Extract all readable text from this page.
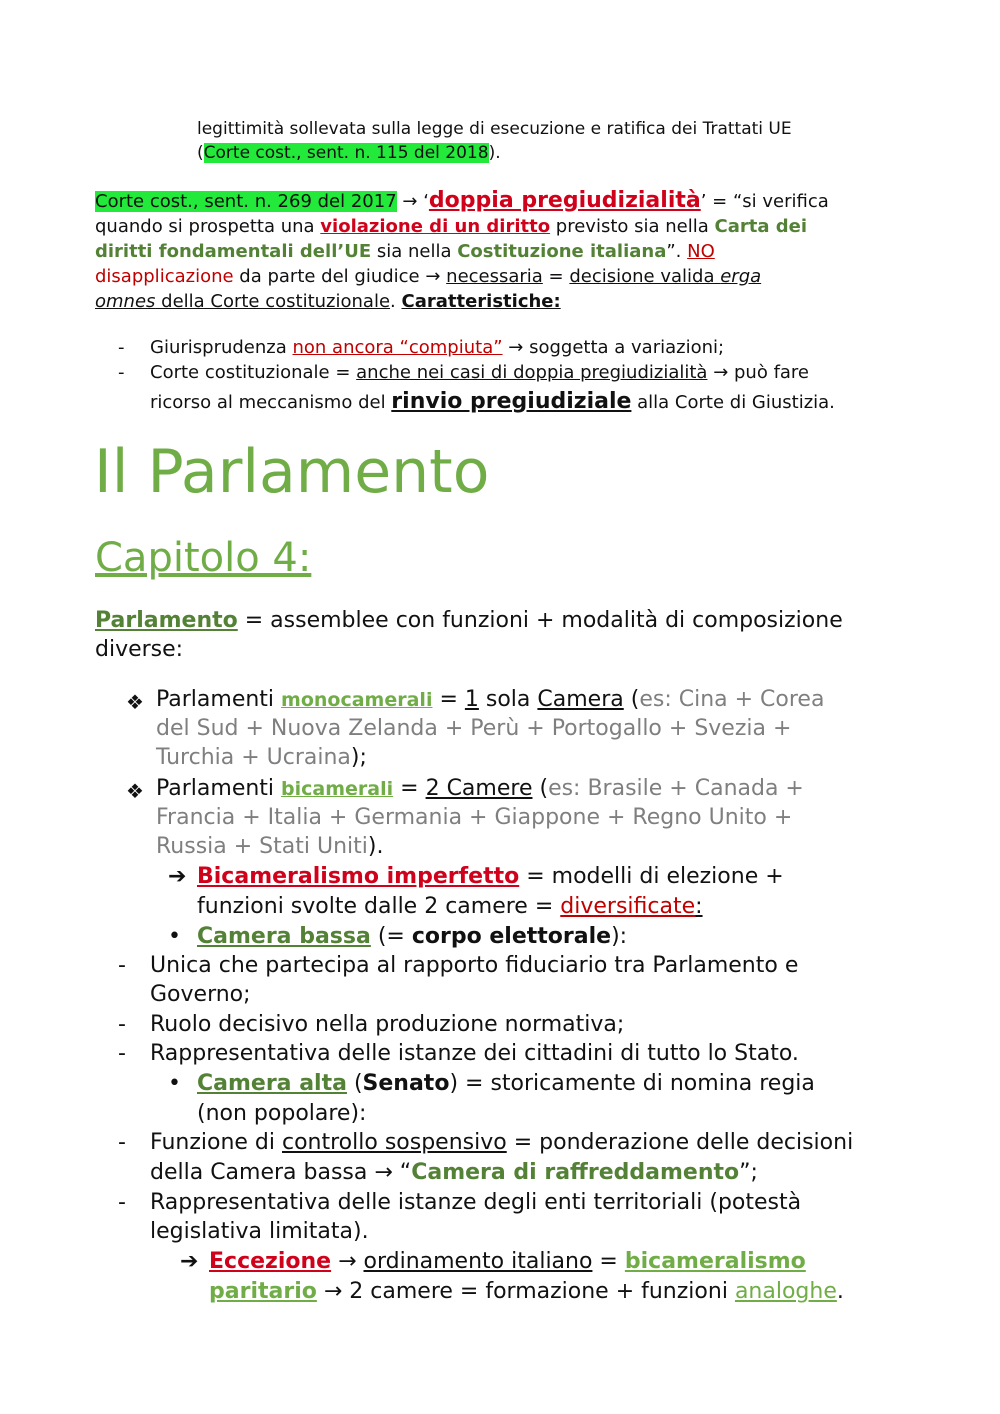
legittimità sollevata sulla legge di esecuzione e ratifica dei Trattati UE
(Corte cost., sent. n. 115 del 2018).
Corte cost., sent. n. 269 del 2017 → ‘doppia pregiudizialità’ = “si verifica
quando si prospetta una violazione di un diritto previsto sia nella Carta dei
diritti fondamentali dell’UE sia nella Costituzione italiana”. NO
disapplicazione da parte del giudice → necessaria = decisione valida erga
omnes della Corte costituzionale. Caratteristiche:
- Giurisprudenza non ancora “compiuta” → soggetta a variazioni;
- Corte costituzionale = anche nei casi di doppia pregiudizialità → può fare
ricorso al meccanismo del rinvio pregiudiziale alla Corte di Giustizia.
Il Parlamento
Capitolo 4:
Parlamento = assemblee con funzioni + modalità di composizione
diverse:
❖ Parlamenti monocamerali = 1 sola Camera (es: Cina + Corea
del Sud + Nuova Zelanda + Perù + Portogallo + Svezia +
Turchia + Ucraina);
❖ Parlamenti bicamerali = 2 Camere (es: Brasile + Canada +
Francia + Italia + Germania + Giappone + Regno Unito +
Russia + Stati Uniti).
➔ Bicameralismo imperfetto = modelli di elezione +
funzioni svolte dalle 2 camere = diversificate:
• Camera bassa (= corpo elettorale):
- Unica che partecipa al rapporto fiduciario tra Parlamento e
Governo;
- Ruolo decisivo nella produzione normativa;
- Rappresentativa delle istanze dei cittadini di tutto lo Stato.
• Camera alta (Senato) = storicamente di nomina regia
(non popolare):
- Funzione di controllo sospensivo = ponderazione delle decisioni
della Camera bassa → “Camera di raffreddamento”;
- Rappresentativa delle istanze degli enti territoriali (potestà
legislativa limitata).
➔ Eccezione → ordinamento italiano = bicameralismo
paritario → 2 camere = formazione + funzioni analoghe.
